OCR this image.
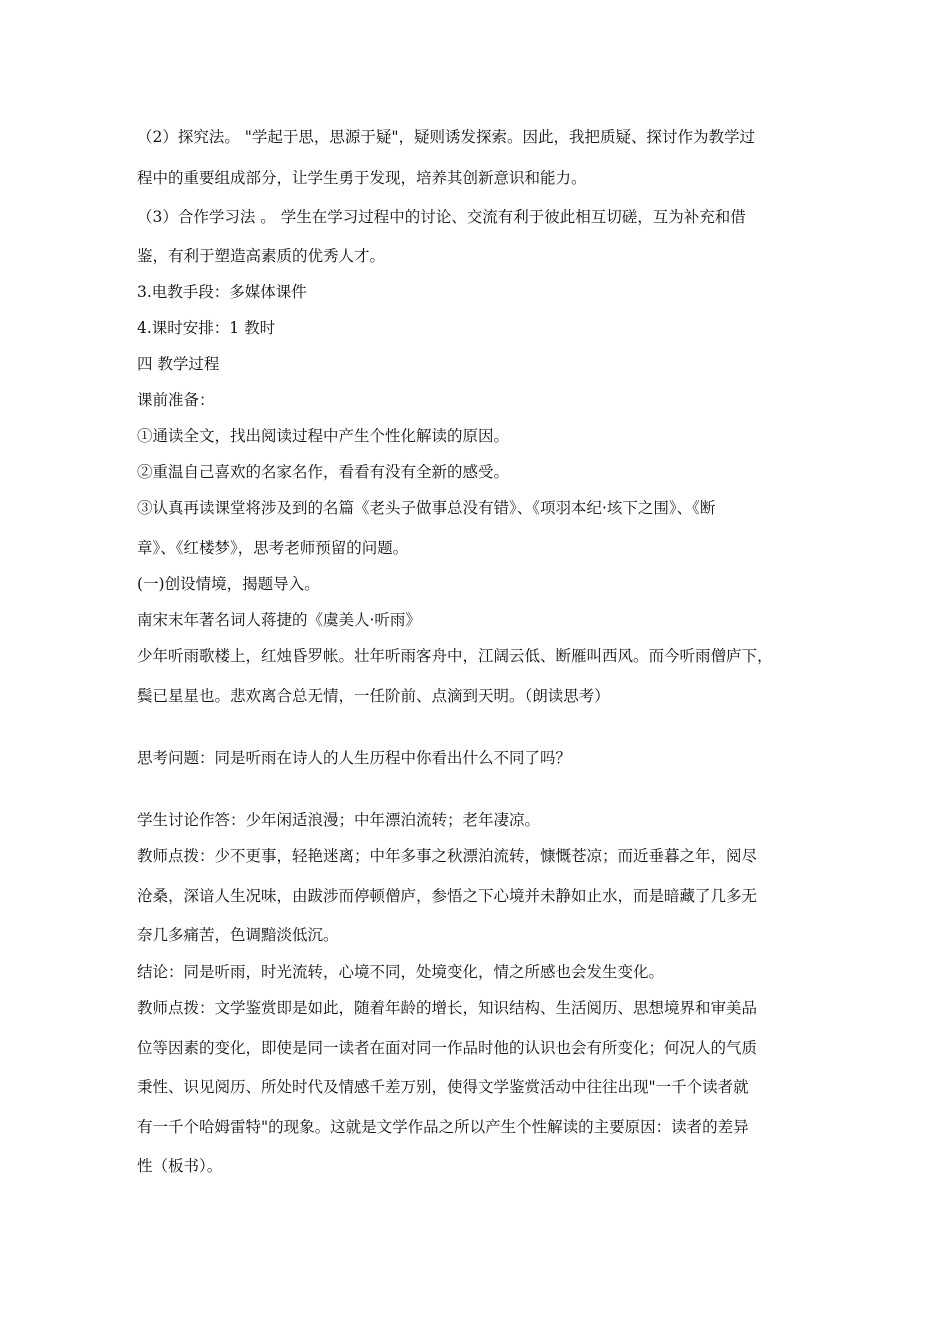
（2）探究法。 "学起于思，思源于疑"，疑则诱发探索。因此，我把质疑、探讨作为教学过
程中的重要组成部分，让学生勇于发现，培养其创新意识和能力。
（3）合作学习法 。 学生在学习过程中的讨论、交流有利于彼此相互切磋，互为补充和借
鉴，有利于塑造高素质的优秀人才。
3.电教手段：多媒体课件
4.课时安排：1 教时
四 教学过程
课前准备：
①通读全文，找出阅读过程中产生个性化解读的原因。
②重温自己喜欢的名家名作，看看有没有全新的感受。
③认真再读课堂将涉及到的名篇《老头子做事总没有错》、《项羽本纪·垓下之围》、《断
章》、《红楼梦》，思考老师预留的问题。
(一)创设情境，揭题导入。
南宋末年著名词人蒋捷的《虞美人·听雨》
少年听雨歌楼上，红烛昏罗帐。壮年听雨客舟中，江阔云低、断雁叫西风。而今听雨僧庐下，
鬓已星星也。悲欢离合总无情，一任阶前、点滴到天明。（朗读思考）
思考问题：同是听雨在诗人的人生历程中你看出什么不同了吗？
学生讨论作答：少年闲适浪漫；中年漂泊流转；老年凄凉。
教师点拨：少不更事，轻艳迷离；中年多事之秋漂泊流转，慷慨苍凉；而近垂暮之年，阅尽
沧桑，深谙人生况味，由跋涉而停顿僧庐，参悟之下心境并未静如止水，而是暗藏了几多无
奈几多痛苦，色调黯淡低沉。
结论：同是听雨，时光流转，心境不同，处境变化，情之所感也会发生变化。
教师点拨：文学鉴赏即是如此，随着年龄的增长，知识结构、生活阅历、思想境界和审美品
位等因素的变化，即使是同一读者在面对同一作品时他的认识也会有所变化；何况人的气质
秉性、识见阅历、所处时代及情感千差万别，使得文学鉴赏活动中往往出现"一千个读者就
有一千个哈姆雷特"的现象。这就是文学作品之所以产生个性解读的主要原因：读者的差异
性（板书）。
